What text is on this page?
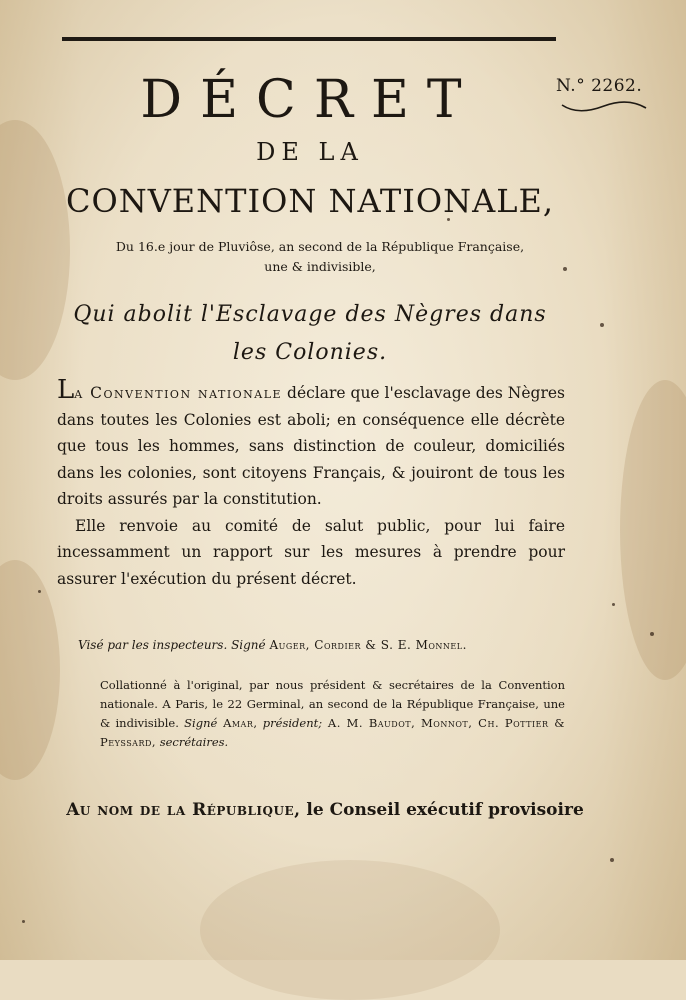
DÉCRET	N.° 2262.
DE LA
CONVENTION NATIONALE,
Du 16.e jour de Pluviôse, an second de la République Française,
une & indivisible,
Qui abolit l'Esclavage des Nègres dans
les Colonies.

La Convention nationale déclare que l'esclavage des Nègres dans toutes les Colonies est aboli; en conséquence elle décrète que tous les hommes, sans distinction de couleur, domiciliés dans les colonies, sont citoyens Français, & jouiront de tous les droits assurés par la constitution.

Elle renvoie au comité de salut public, pour lui faire incessamment un rapport sur les mesures à prendre pour assurer l'exécution du présent décret.

Visé par les inspecteurs. Signé Auger, Cordier & S. E. Monnel.
Collationné à l'original, par nous président & secrétaires de la Convention nationale. A Paris, le 22 Germinal, an second de la République Française, une & indivisible. Signé Amar, président; A. M. Baudot, Monnot, Ch. Pottier & Peyssard, secrétaires.
Au nom de la République, le Conseil exécutif provisoire
